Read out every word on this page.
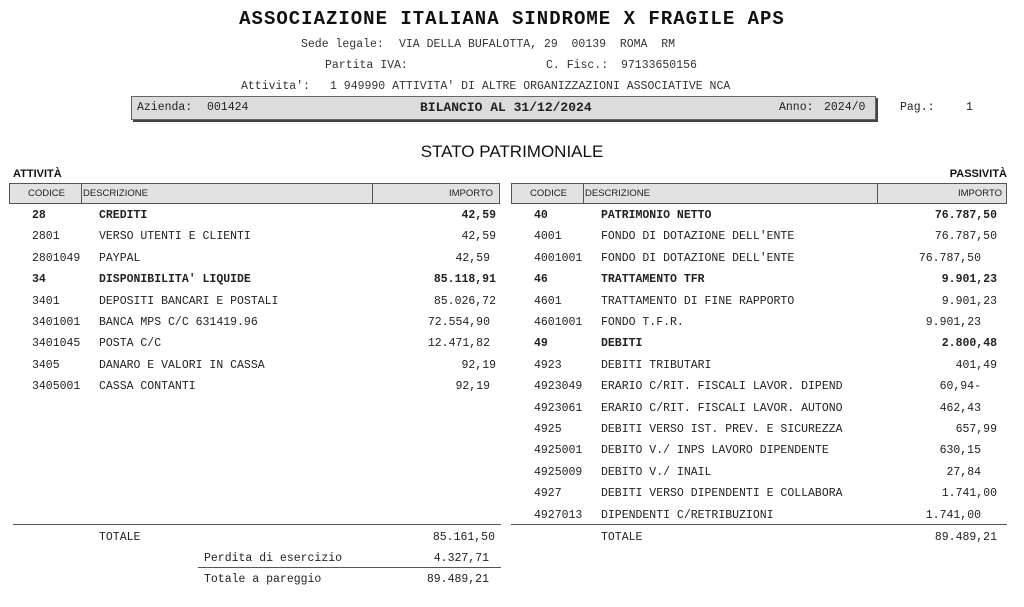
ASSOCIAZIONE ITALIANA SINDROME X FRAGILE APS
Sede legale: VIA DELLA BUFALOTTA, 29  00139  ROMA  RM
Partita IVA:	C. Fisc.: 97133650156
Attivita': 1 949990 ATTIVITA' DI ALTRE ORGANIZZAZIONI ASSOCIATIVE NCA
Azienda: 001424	BILANCIO AL 31/12/2024	Anno: 2024/0	Pag.:	1
STATO PATRIMONIALE
ATTIVITÀ
CODICE DESCRIZIONE	IMPORTO
28	CREDITI	42,59
2801	VERSO UTENTI E CLIENTI	42,59
2801049 PAYPAL	42,59
34	DISPONIBILITA' LIQUIDE	85.118,91
3401	DEPOSITI BANCARI E POSTALI	85.026,72
3401001 BANCA MPS C/C 631419.96	72.554,90
3401045 POSTA C/C	12.471,82
3405	DANARO E VALORI IN CASSA	92,19
3405001 CASSA CONTANTI	92,19
TOTALE	85.161,50
Perdita di esercizio	4.327,71
Totale a pareggio	89.489,21
PASSIVITÀ
CODICE DESCRIZIONE	IMPORTO
40	PATRIMONIO NETTO	76.787,50
4001	FONDO DI DOTAZIONE DELL'ENTE	76.787,50
4001001 FONDO DI DOTAZIONE DELL'ENTE	76.787,50
46	TRATTAMENTO TFR	9.901,23
4601	TRATTAMENTO DI FINE RAPPORTO	9.901,23
4601001 FONDO T.F.R.	9.901,23
49	DEBITI	2.800,48
4923	DEBITI TRIBUTARI	401,49
4923049 ERARIO C/RIT. FISCALI LAVOR. DIPEND	60,94-
4923061 ERARIO C/RIT. FISCALI LAVOR. AUTONO	462,43
4925	DEBITI VERSO IST. PREV. E SICUREZZA	657,99
4925001 DEBITO V./ INPS LAVORO DIPENDENTE	630,15
4925009 DEBITO V./ INAIL	27,84
4927	DEBITI VERSO DIPENDENTI E COLLABORA	1.741,00
4927013 DIPENDENTI C/RETRIBUZIONI	1.741,00
TOTALE	89.489,21
